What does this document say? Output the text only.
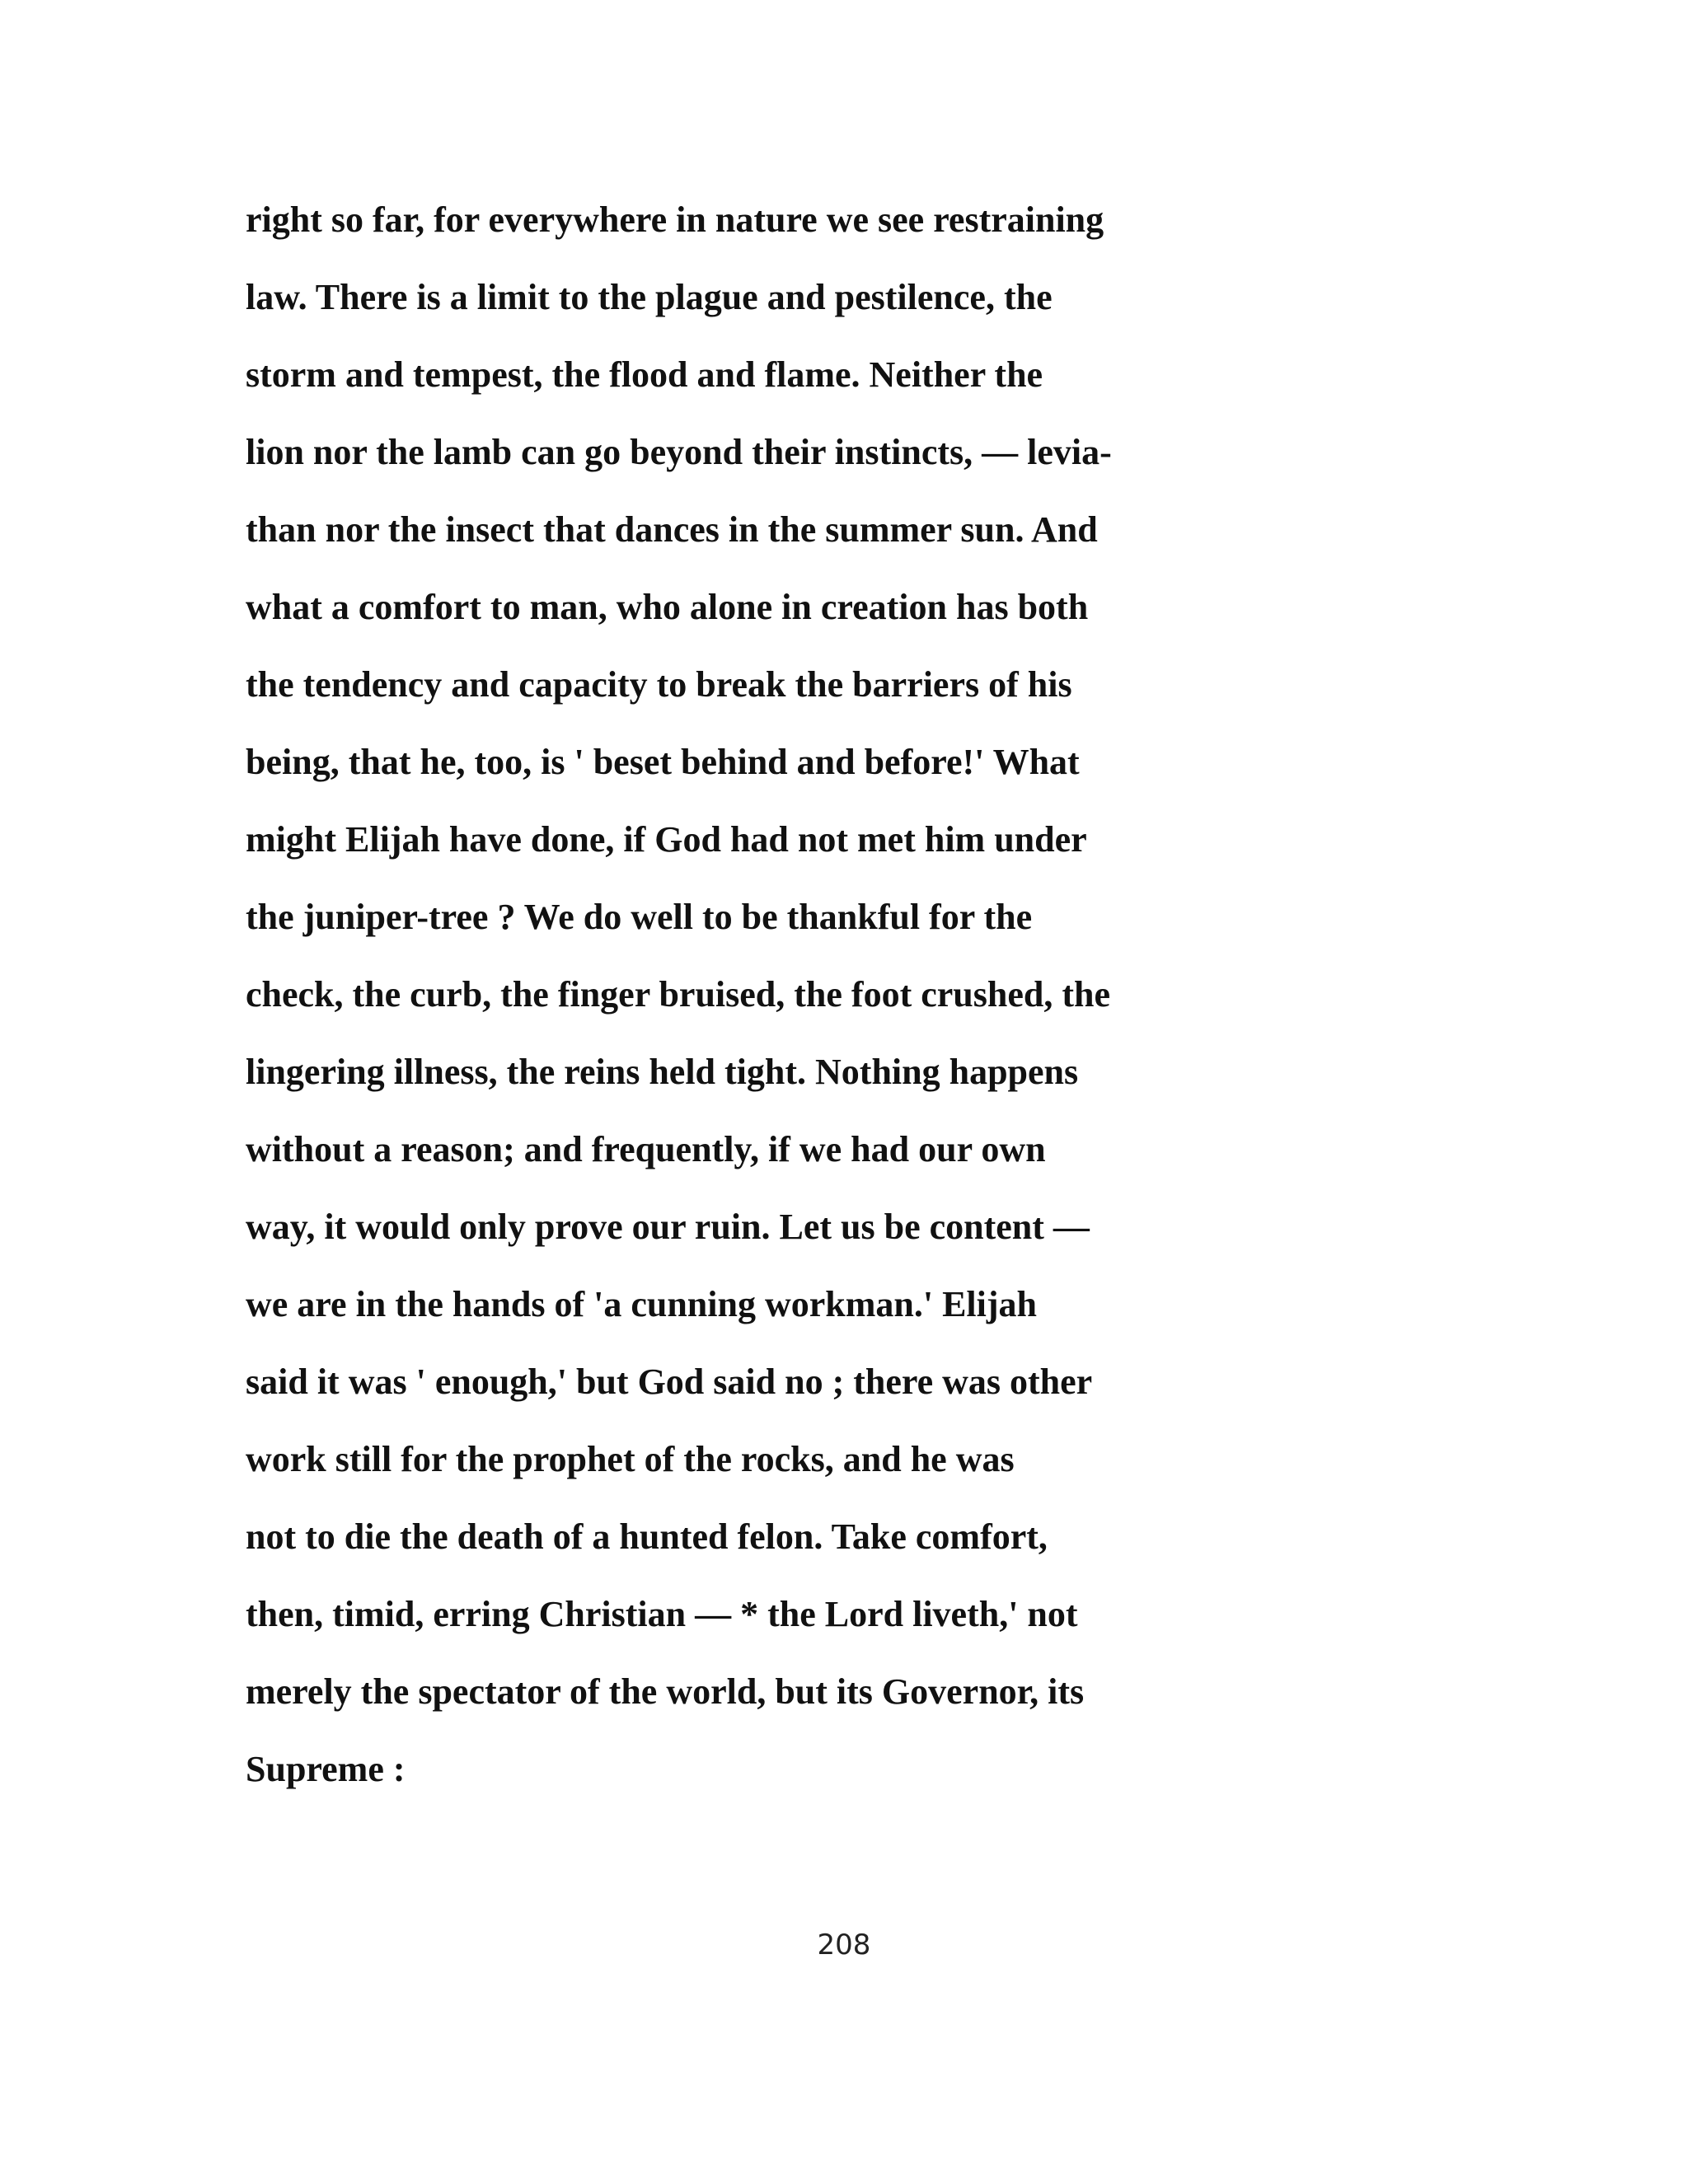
right so far, for everywhere in nature we see restraining
law. There is a limit to the plague and pestilence, the
storm and tempest, the flood and flame. Neither the
lion nor the lamb can go beyond their instincts, — levia-
than nor the insect that dances in the summer sun. And
what a comfort to man, who alone in creation has both
the tendency and capacity to break the barriers of his
being, that he, too, is ' beset behind and before!' What
might Elijah have done, if God had not met him under
the juniper-tree ? We do well to be thankful for the
check, the curb, the finger bruised, the foot crushed, the
lingering illness, the reins held tight. Nothing happens
without a reason; and frequently, if we had our own
way, it would only prove our ruin. Let us be content —
we are in the hands of 'a cunning workman.' Elijah
said it was ' enough,' but God said no ; there was other
work still for the prophet of the rocks, and he was
not to die the death of a hunted felon. Take comfort,
then, timid, erring Christian — * the Lord liveth,' not
merely the spectator of the world, but its Governor, its
Supreme :
208
